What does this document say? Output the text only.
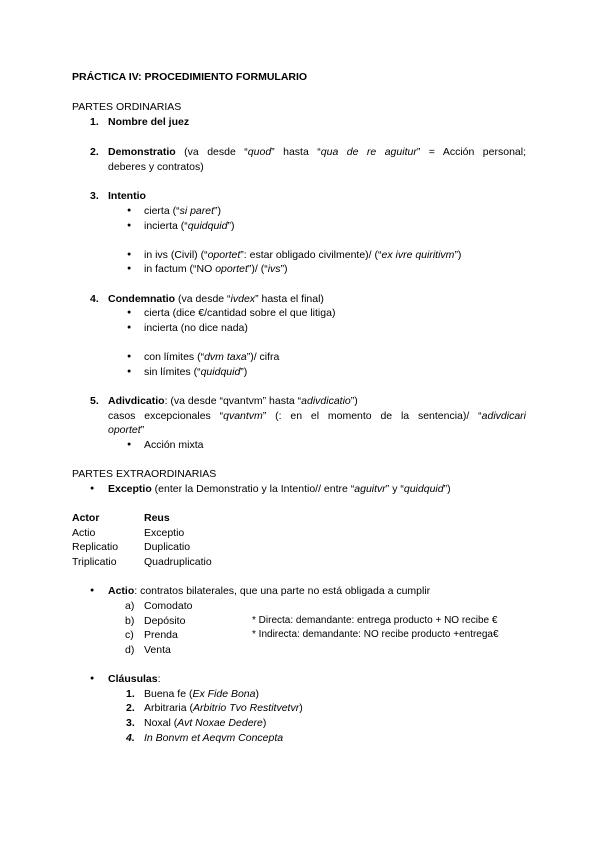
PRÁCTICA IV: PROCEDIMIENTO FORMULARIO
PARTES ORDINARIAS
1. Nombre del juez
2. Demonstratio (va desde “quod” hasta “qua de re aguitur” = Acción personal;
deberes y contratos)
3. Intentio
● cierta (“si paret”)
● incierta (“quidquid”)
● in ivs (Civil) (“oportet”: estar obligado civilmente)/ (“ex ivre quiritivm”)
● in factum (“NO oportet”)/ (“ivs”)
4. Condemnatio (va desde “ivdex” hasta el final)
● cierta (dice €/cantidad sobre el que litiga)
● incierta (no dice nada)
● con límites (“dvm taxa”)/ cifra
● sin límites (“quidquid”)
5. Adivdicatio: (va desde “qvantvm” hasta “adivdicatio”)
casos excepcionales “qvantvm” (: en el momento de la sentencia)/ “adivdicari
oportet”
● Acción mixta
PARTES EXTRAORDINARIAS
● Exceptio (enter la Demonstratio y la Intentio// entre “aguitvr” y “quidquid”)
Actor	Reus
Actio	Exceptio
Replicatio Duplicatio
Triplicatio	Quadruplicatio
● Actio: contratos bilaterales, que una parte no está obligada a cumplir
a) Comodato
b) Depósito
c) Prenda
d) Venta
* Directa: demandante: entrega producto + NO recibe €
* Indirecta: demandante: NO recibe producto +entrega€
● Cláusulas:
1. Buena fe (Ex Fide Bona)
2. Arbitraria (Arbitrio Tvo Restitvetvr)
3. Noxal (Avt Noxae Dedere)
4. In Bonvm et Aeqvm Concepta
